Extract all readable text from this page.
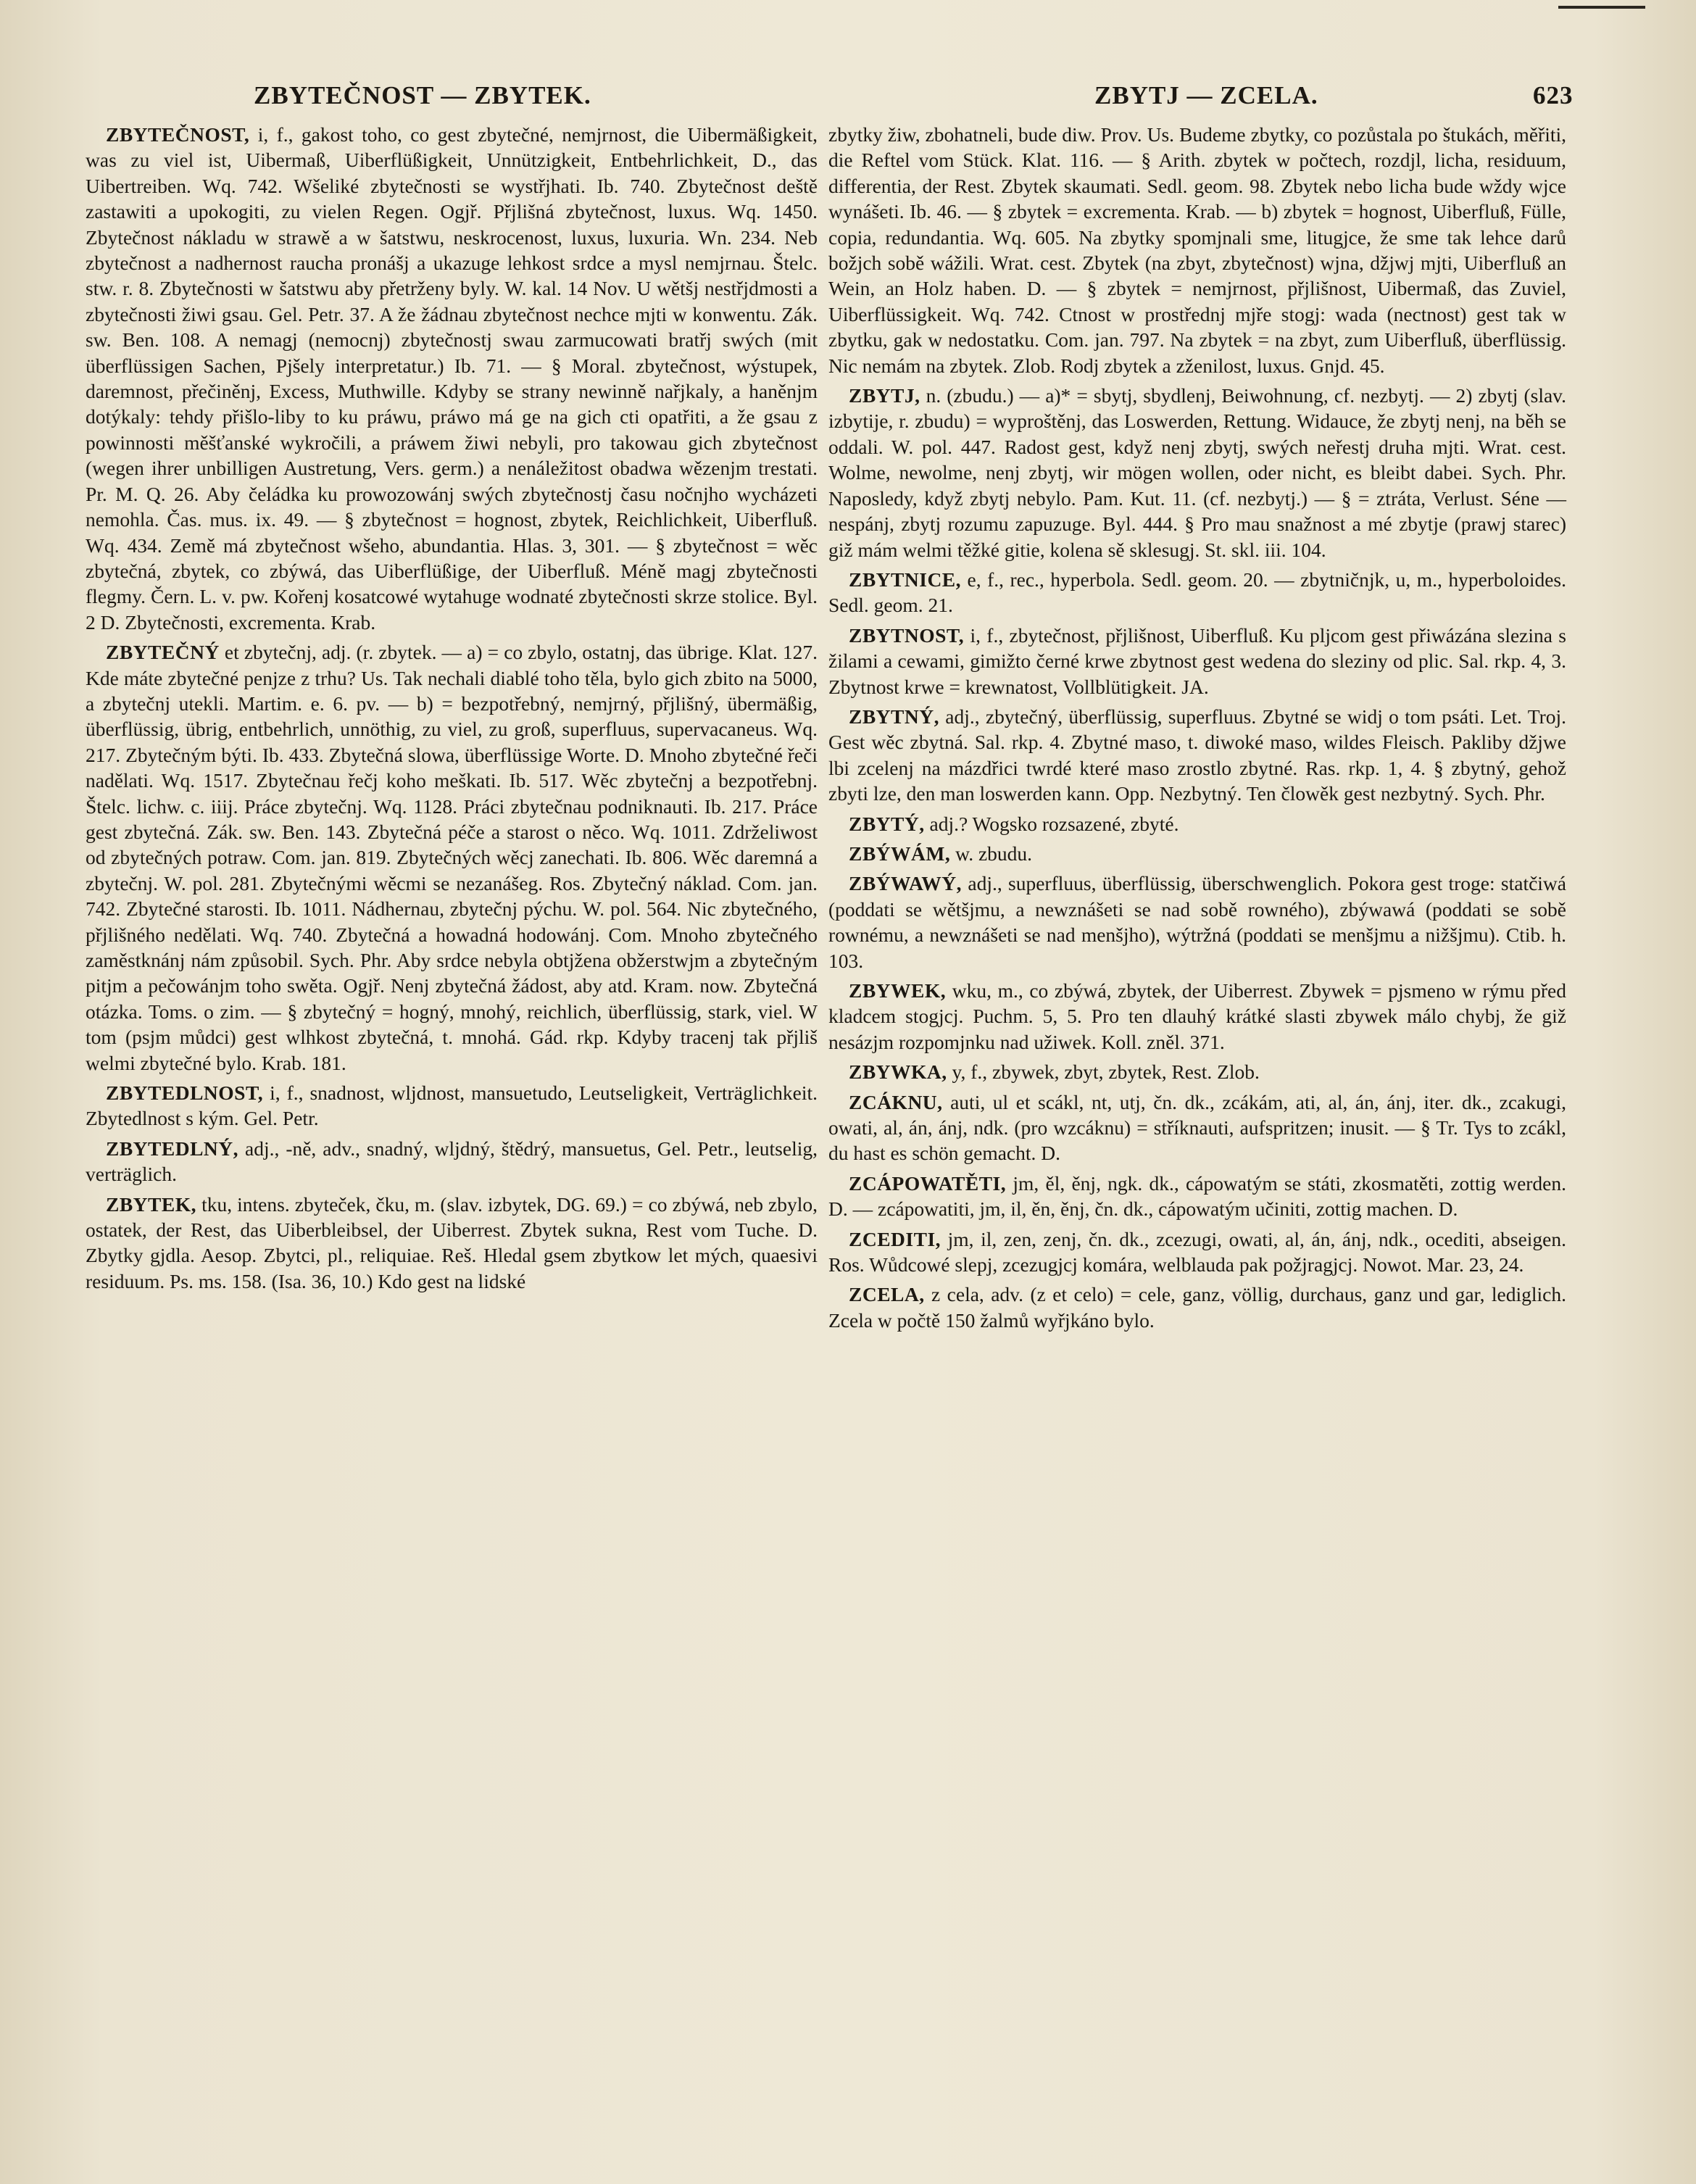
ZBYTEČNOST — ZBYTEK.	ZBYTJ — ZCELA.	623

ZBYTEČNOST, i, f., gakost toho, co gest zbytečné, nemjrnost, die Uibermäßigkeit, was zu viel ist, Uibermaß, Uiberflüßigkeit, Unnützigkeit, Entbehrlichkeit, D., das Uibertreiben. Wq. 742. Wšeliké zbytečnosti se wystřjhati. Ib. 740. Zbytečnost deště zastawiti a upokogiti, zu vielen Regen. Ogjř. Přjlišná zbytečnost, luxus. Wq. 1450. Zbytečnost nákladu w strawě a w šatstwu, neskrocenost, luxus, luxuria. Wn. 234. Neb zbytečnost a nadhernost raucha pronášj a ukazuge lehkost srdce a mysl nemjrnau. Štelc. stw. r. 8. Zbytečnosti w šatstwu aby přetrženy byly. W. kal. 14 Nov. U wětšj nestřjdmosti a zbytečnosti žiwi gsau. Gel. Petr. 37. A že žádnau zbytečnost nechce mjti w konwentu. Zák. sw. Ben. 108. A nemagj (nemocnj) zbytečnostj swau zarmucowati bratřj swých (mit überflüssigen Sachen, Pjšely interpretatur.) Ib. 71. — § Moral. zbytečnost, wýstupek, daremnost, přečiněnj, Excess, Muthwille. Kdyby se strany newinně nařjkaly, a haněnjm dotýkaly: tehdy přišlo-liby to ku práwu, práwo má ge na gich cti opatřiti, a že gsau z powinnosti měšťanské wykročili, a práwem žiwi nebyli, pro takowau gich zbytečnost (wegen ihrer unbilligen Austretung, Vers. germ.) a nenáležitost obadwa wězenjm trestati. Pr. M. Q. 26. Aby čeládka ku prowozowánj swých zbytečnostj času nočnjho wycházeti nemohla. Čas. mus. ix. 49. — § zbytečnost = hognost, zbytek, Reichlichkeit, Uiberfluß. Wq. 434. Země má zbytečnost wšeho, abundantia. Hlas. 3, 301. — § zbytečnost = wěc zbytečná, zbytek, co zbýwá, das Uiberflüßige, der Uiberfluß. Méně magj zbytečnosti flegmy. Čern. L. v. pw. Kořenj kosatcowé wytahuge wodnaté zbytečnosti skrze stolice. Byl. 2 D. Zbytečnosti, excrementa. Krab.

ZBYTEČNÝ et zbytečnj, adj. (r. zbytek. — a) = co zbylo, ostatnj, das übrige. Klat. 127. Kde máte zbytečné penjze z trhu? Us. Tak nechali diablé toho těla, bylo gich zbito na 5000, a zbytečnj utekli. Martim. e. 6. pv. — b) = bezpotřebný, nemjrný, přjlišný, übermäßig, überflüssig, übrig, entbehrlich, unnöthig, zu viel, zu groß, superfluus, supervacaneus. Wq. 217. Zbytečným býti. Ib. 433. Zbytečná slowa, überflüssige Worte. D. Mnoho zbytečné řeči nadělati. Wq. 1517. Zbytečnau řečj koho meškati. Ib. 517. Wěc zbytečnj a bezpotřebnj. Štelc. lichw. c. iiij. Práce zbytečnj. Wq. 1128. Práci zbytečnau podniknauti. Ib. 217. Práce gest zbytečná. Zák. sw. Ben. 143. Zbytečná péče a starost o něco. Wq. 1011. Zdrželiwost od zbytečných potraw. Com. jan. 819. Zbytečných wěcj zanechati. Ib. 806. Wěc daremná a zbytečnj. W. pol. 281. Zbytečnými wěcmi se nezanášeg. Ros. Zbytečný náklad. Com. jan. 742. Zbytečné starosti. Ib. 1011. Nádhernau, zbytečnj pýchu. W. pol. 564. Nic zbytečného, přjlišného nedělati. Wq. 740. Zbytečná a howadná hodowánj. Com. Mnoho zbytečného zaměstknánj nám způsobil. Sych. Phr. Aby srdce nebyla obtjžena obžerstwjm a zbytečným pitjm a pečowánjm toho swěta. Ogjř. Nenj zbytečná žádost, aby atd. Kram. now. Zbytečná otázka. Toms. o zim. — § zbytečný = hogný, mnohý, reichlich, überflüssig, stark, viel. W tom (psjm můdci) gest wlhkost zbytečná, t. mnohá. Gád. rkp. Kdyby tracenj tak přjliš welmi zbytečné bylo. Krab. 181.

ZBYTEDLNOST, i, f., snadnost, wljdnost, mansuetudo, Leutseligkeit, Verträglichkeit. Zbytedlnost s kým. Gel. Petr.

ZBYTEDLNÝ, adj., -ně, adv., snadný, wljdný, štědrý, mansuetus, Gel. Petr., leutselig, verträglich.

ZBYTEK, tku, intens. zbyteček, čku, m. (slav. izbytek, DG. 69.) = co zbýwá, neb zbylo, ostatek, der Rest, das Uiberbleibsel, der Uiberrest. Zbytek sukna, Rest vom Tuche. D. Zbytky gjdla. Aesop. Zbytci, pl., reliquiae. Reš. Hledal gsem zbytkow let mých, quaesivi residuum. Ps. ms. 158. (Isa. 36, 10.) Kdo gest na lidské

zbytky žiw, zbohatneli, bude diw. Prov. Us. Budeme zbytky, co pozůstala po štukách, měřiti, die Reftel vom Stück. Klat. 116. — § Arith. zbytek w počtech, rozdjl, licha, residuum, differentia, der Rest. Zbytek skaumati. Sedl. geom. 98. Zbytek nebo licha bude wždy wjce wynášeti. Ib. 46. — § zbytek = excrementa. Krab. — b) zbytek = hognost, Uiberfluß, Fülle, copia, redundantia. Wq. 605. Na zbytky spomjnali sme, litugjce, že sme tak lehce darů božjch sobě wážili. Wrat. cest. Zbytek (na zbyt, zbytečnost) wjna, džjwj mjti, Uiberfluß an Wein, an Holz haben. D. — § zbytek = nemjrnost, přjlišnost, Uibermaß, das Zuviel, Uiberflüssigkeit. Wq. 742. Ctnost w prostřednj mjře stogj: wada (nectnost) gest tak w zbytku, gak w nedostatku. Com. jan. 797. Na zbytek = na zbyt, zum Uiberfluß, überflüssig. Nic nemám na zbytek. Zlob. Rodj zbytek a zženilost, luxus. Gnjd. 45.

ZBYTJ, n. (zbudu.) — a)* = sbytj, sbydlenj, Beiwohnung, cf. nezbytj. — 2) zbytj (slav. izbytije, r. zbudu) = wyproštěnj, das Loswerden, Rettung. Widauce, že zbytj nenj, na běh se oddali. W. pol. 447. Radost gest, když nenj zbytj, swých neřestj druha mjti. Wrat. cest. Wolme, newolme, nenj zbytj, wir mögen wollen, oder nicht, es bleibt dabei. Sych. Phr. Naposledy, když zbytj nebylo. Pam. Kut. 11. (cf. nezbytj.) — § = ztráta, Verlust. Séne — nespánj, zbytj rozumu zapuzuge. Byl. 444. § Pro mau snažnost a mé zbytje (prawj starec) giž mám welmi těžké gitie, kolena sě sklesugj. St. skl. iii. 104.

ZBYTNICE, e, f., rec., hyperbola. Sedl. geom. 20. — zbytničnjk, u, m., hyperboloides. Sedl. geom. 21.

ZBYTNOST, i, f., zbytečnost, přjlišnost, Uiberfluß. Ku pljcom gest přiwázána slezina s žilami a cewami, gimižto černé krwe zbytnost gest wedena do sleziny od plic. Sal. rkp. 4, 3. Zbytnost krwe = krewnatost, Vollblütigkeit. JA.

ZBYTNÝ, adj., zbytečný, überflüssig, superfluus. Zbytné se widj o tom psáti. Let. Troj. Gest wěc zbytná. Sal. rkp. 4. Zbytné maso, t. diwoké maso, wildes Fleisch. Pakliby džjwe lbi zcelenj na mázdřici twrdé které maso zrostlo zbytné. Ras. rkp. 1, 4. § zbytný, gehož zbyti lze, den man loswerden kann. Opp. Nezbytný. Ten člowěk gest nezbytný. Sych. Phr.

ZBYTÝ, adj.? Wogsko rozsazené, zbyté.

ZBÝWÁM, w. zbudu.

ZBÝWAWÝ, adj., superfluus, überflüssig, überschwenglich. Pokora gest troge: statčiwá (poddati se wětšjmu, a newznášeti se nad sobě rowného), zbýwawá (poddati se sobě rownému, a newznášeti se nad menšjho), wýtržná (poddati se menšjmu a nižšjmu). Ctib. h. 103.

ZBYWEK, wku, m., co zbýwá, zbytek, der Uiberrest. Zbywek = pjsmeno w rýmu před kladcem stogjcj. Puchm. 5, 5. Pro ten dlauhý krátké slasti zbywek málo chybj, že giž nesázjm rozpomjnku nad užiwek. Koll. zněl. 371.

ZBYWKA, y, f., zbywek, zbyt, zbytek, Rest. Zlob.

ZCÁKNU, auti, ul et scákl, nt, utj, čn. dk., zcákám, ati, al, án, ánj, iter. dk., zcakugi, owati, al, án, ánj, ndk. (pro wzcáknu) = stříknauti, aufspritzen; inusit. — § Tr. Tys to zcákl, du hast es schön gemacht. D.

ZCÁPOWATĚTI, jm, ěl, ěnj, ngk. dk., cápowatým se státi, zkosmatěti, zottig werden. D. — zcápowatiti, jm, il, ěn, ěnj, čn. dk., cápowatým učiniti, zottig machen. D.

ZCEDITI, jm, il, zen, zenj, čn. dk., zcezugi, owati, al, án, ánj, ndk., ocediti, abseigen. Ros. Wůdcowé slepj, zcezugjcj komára, welblauda pak požjragjcj. Nowot. Mar. 23, 24.

ZCELA, z cela, adv. (z et celo) = cele, ganz, völlig, durchaus, ganz und gar, lediglich. Zcela w počtě 150 žalmů wyřjkáno bylo.
